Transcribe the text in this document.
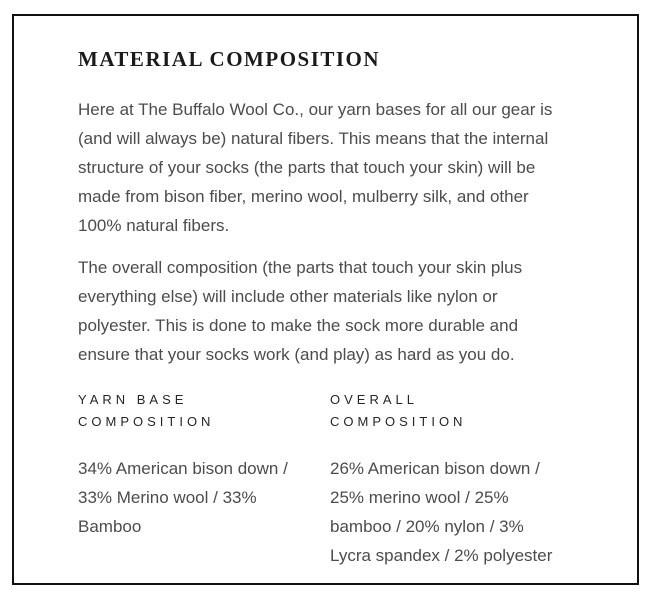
MATERIAL COMPOSITION
Here at The Buffalo Wool Co., our yarn bases for all our gear is
(and will always be) natural fibers. This means that the internal
structure of your socks (the parts that touch your skin) will be
made from bison fiber, merino wool, mulberry silk, and other
100% natural fibers.
The overall composition (the parts that touch your skin plus
everything else) will include other materials like nylon or
polyester. This is done to make the sock more durable and
ensure that your socks work (and play) as hard as you do.
YARN BASE
COMPOSITION
34% American bison down /
33% Merino wool / 33%
Bamboo
OVERALL
COMPOSITION
26% American bison down /
25% merino wool / 25%
bamboo / 20% nylon / 3%
Lycra spandex / 2% polyester
